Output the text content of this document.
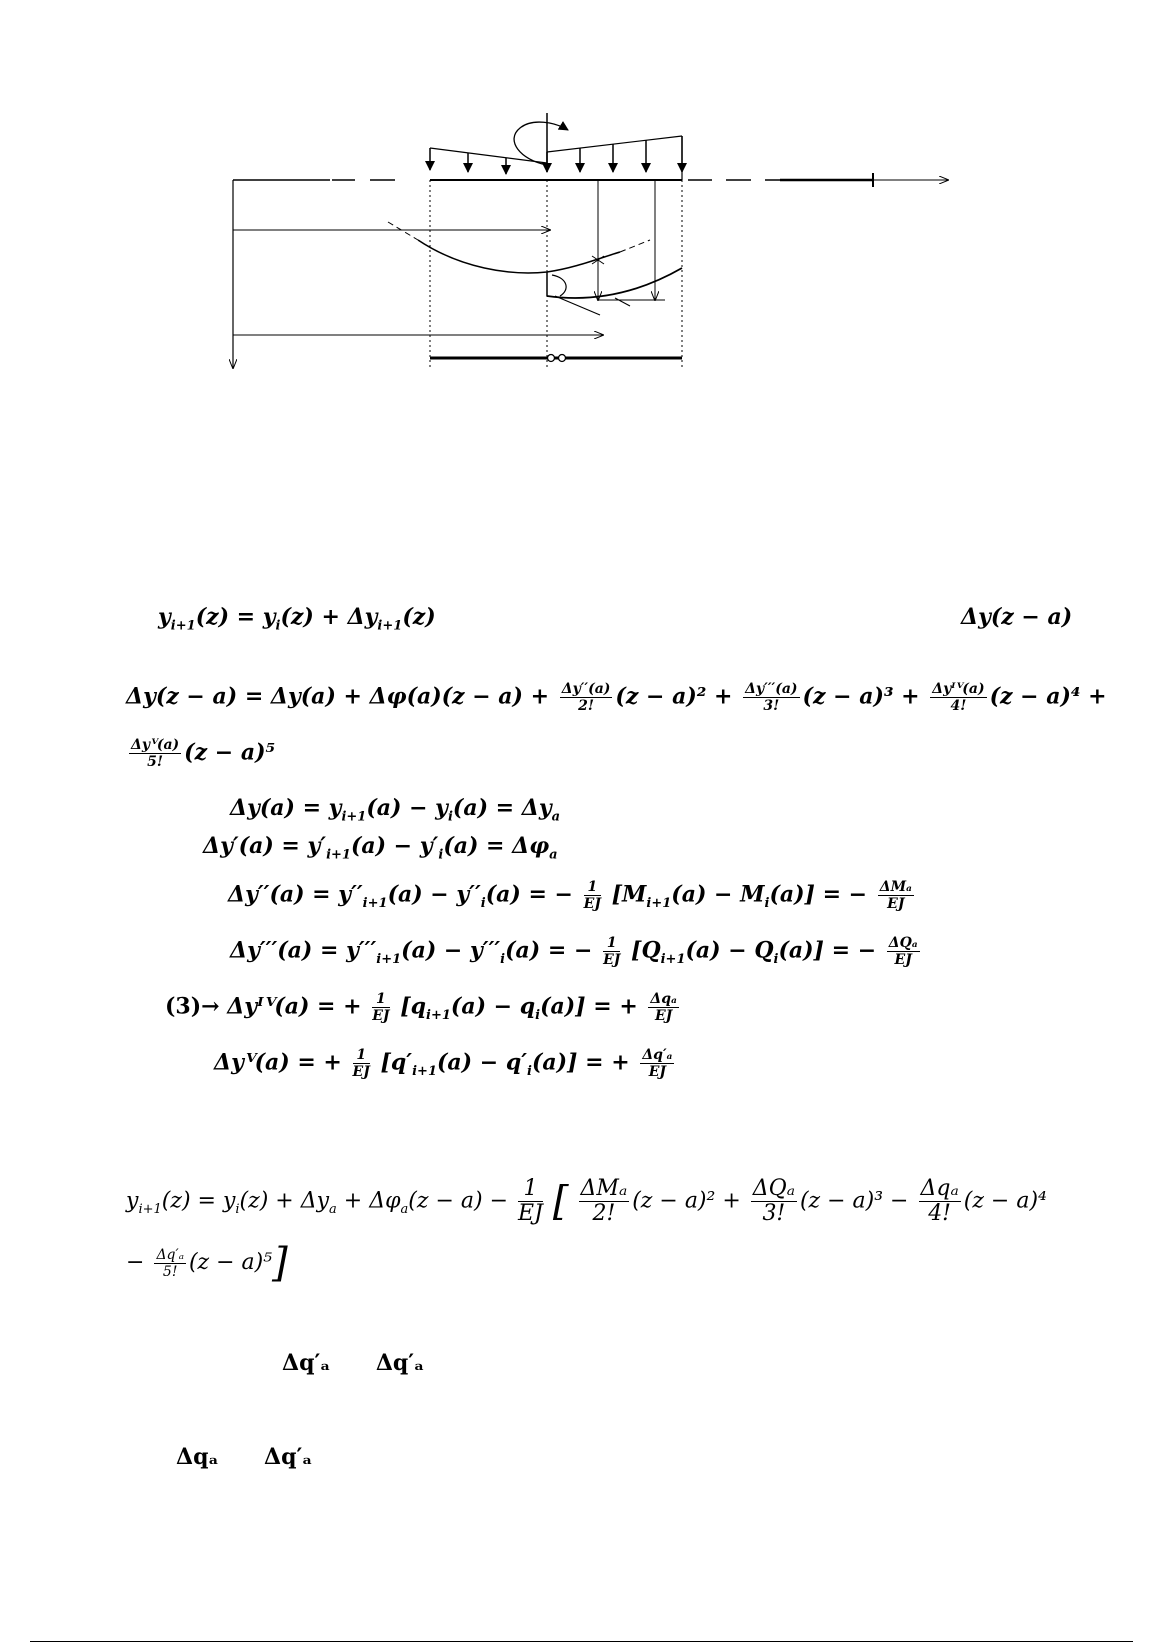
$y_{i+1}(z) = y_i(z) + \Delta y_{i+1}(z)$	Δy(z − a)
$\Delta y(z - a) = \Delta y(a) + \Delta\varphi(a)(z - a) + \frac{\Delta y''(a)}{2!} (z - a)^2 + \frac{\Delta y'''(a)}{3!} (z - a)^3 + \frac{\text{Δyᴵⱽ(a)}}{4!} (z - a)^4$ +
$\frac{\text{Δyⱽ(a)}}{5!} (z - a)^5$
$\Delta y(a) = y_{i+1}(a) - y_i(a) = \Delta y_a$
$\Delta y'(a) = y'_{i+1}(a) - y'_i(a) = \Delta\varphi_a$
$\Delta y''(a) = y''_{i+1}(a) - y''_i(a)$ = − $\frac{1}{EJ} [M_{i+1}(a) - M_i(a)]$ = − $\frac{\text{ΔMₐ}}{EJ}$
$\Delta y'''(a) = y'''_{i+1}(a) - y'''_i(a)$ = − $\frac{1}{EJ} [Q_{i+1}(a) - Q_i(a)]$ = − $\frac{\text{ΔQₐ}}{EJ}$
(3)→ Δyᴵⱽ(a) = + $\frac{1}{EJ} [q_{i+1}(a) - q_i(a)]$ = + $\frac{\text{Δqₐ}}{EJ}$
Δyⱽ(a) = + $\frac{1}{EJ} [q'_{i+1}(a) - q'_i(a)]$ = + $\frac{\text{Δq′ₐ}}{EJ}$
$y_{i+1}(z) = y_i(z) + \Delta y_a + \Delta\varphi_a(z - a) - \frac{1}{EJ}$ [ $\frac{\text{ΔMₐ}}{2!} (z - a)^2 + \frac{\text{ΔQₐ}}{3!} (z - a)^3 - \frac{\text{Δqₐ}}{4!} (z - a)^4$
− $\frac{\text{Δq′ₐ}}{5!} (z - a)^5$]
Δq′ₐ Δq′ₐ
Δqₐ Δq′ₐ
